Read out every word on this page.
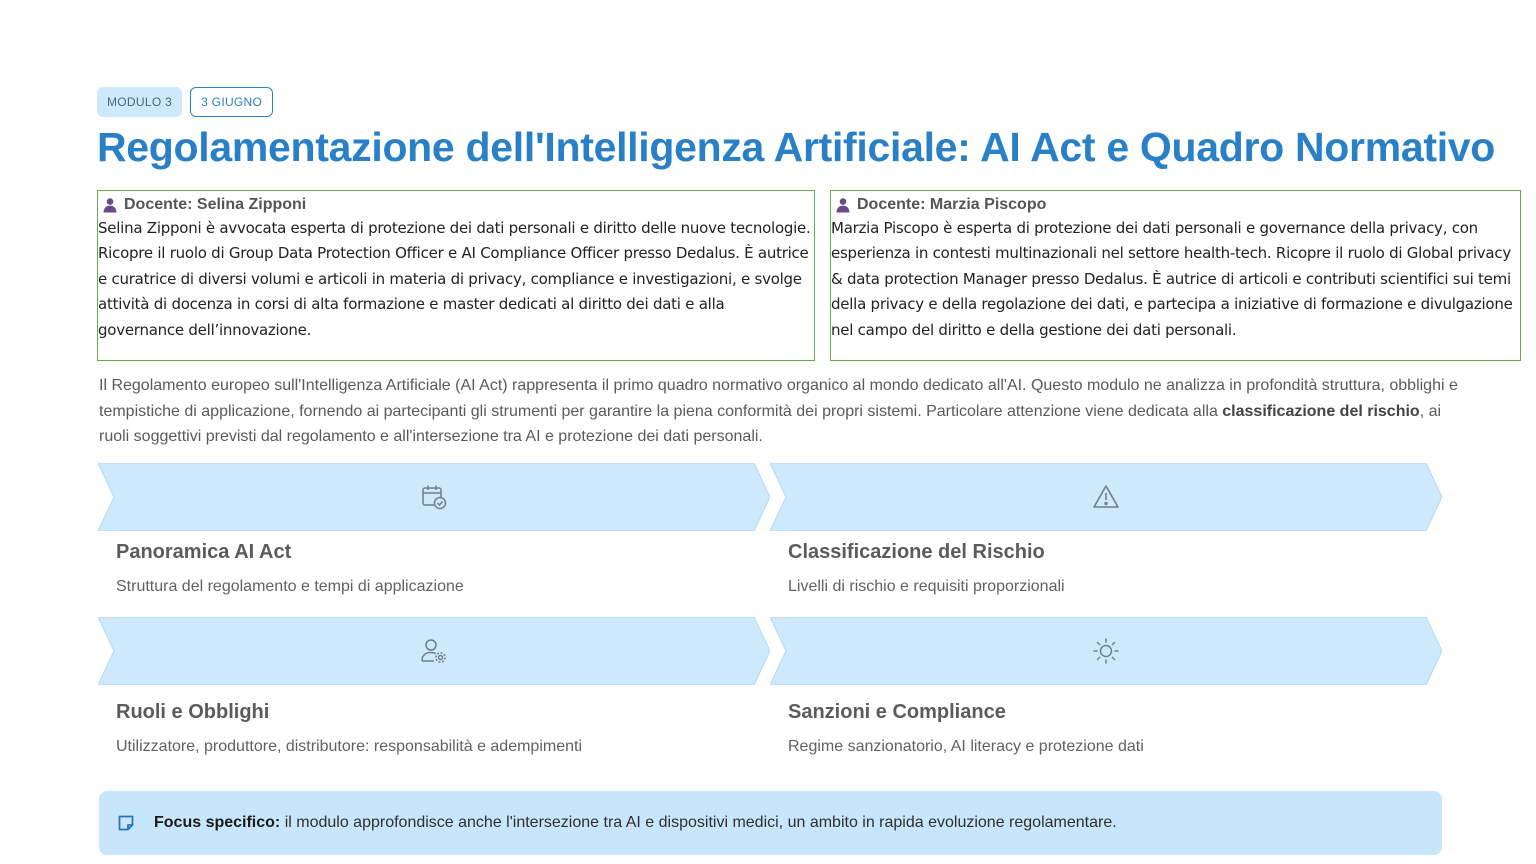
MODULO 3	3 GIUGNO
Regolamentazione dell'Intelligenza Artificiale: AI Act e Quadro Normativo
Docente: Selina Zipponi

Selina Zipponi è avvocata esperta di protezione dei dati personali e diritto delle nuove tecnologie. Ricopre il ruolo di Group Data Protection Officer e AI Compliance Officer presso Dedalus. È autrice e curatrice di diversi volumi e articoli in materia di privacy, compliance e investigazioni, e svolge attività di docenza in corsi di alta formazione e master dedicati al diritto dei dati e alla governance dell’innovazione.

Docente: Marzia Piscopo

Marzia Piscopo è esperta di protezione dei dati personali e governance della privacy, con esperienza in contesti multinazionali nel settore health-tech. Ricopre il ruolo di Global privacy & data protection Manager presso Dedalus. È autrice di articoli e contributi scientifici sui temi della privacy e della regolazione dei dati, e partecipa a iniziative di formazione e divulgazione nel campo del diritto e della gestione dei dati personali.

Il Regolamento europeo sull'Intelligenza Artificiale (AI Act) rappresenta il primo quadro normativo organico al mondo dedicato all'AI. Questo modulo ne analizza in profondità struttura, obblighi e tempistiche di applicazione, fornendo ai partecipanti gli strumenti per garantire la piena conformità dei propri sistemi. Particolare attenzione viene dedicata alla classificazione del rischio, ai ruoli soggettivi previsti dal regolamento e all'intersezione tra AI e protezione dei dati personali.

Panoramica AI Act
Struttura del regolamento e tempi di applicazione
Classificazione del Rischio
Livelli di rischio e requisiti proporzionali
Ruoli e Obblighi
Utilizzatore, produttore, distributore: responsabilità e adempimenti
Sanzioni e Compliance
Regime sanzionatorio, AI literacy e protezione dati
Focus specifico: il modulo approfondisce anche l'intersezione tra AI e dispositivi medici, un ambito in rapida evoluzione regolamentare.
